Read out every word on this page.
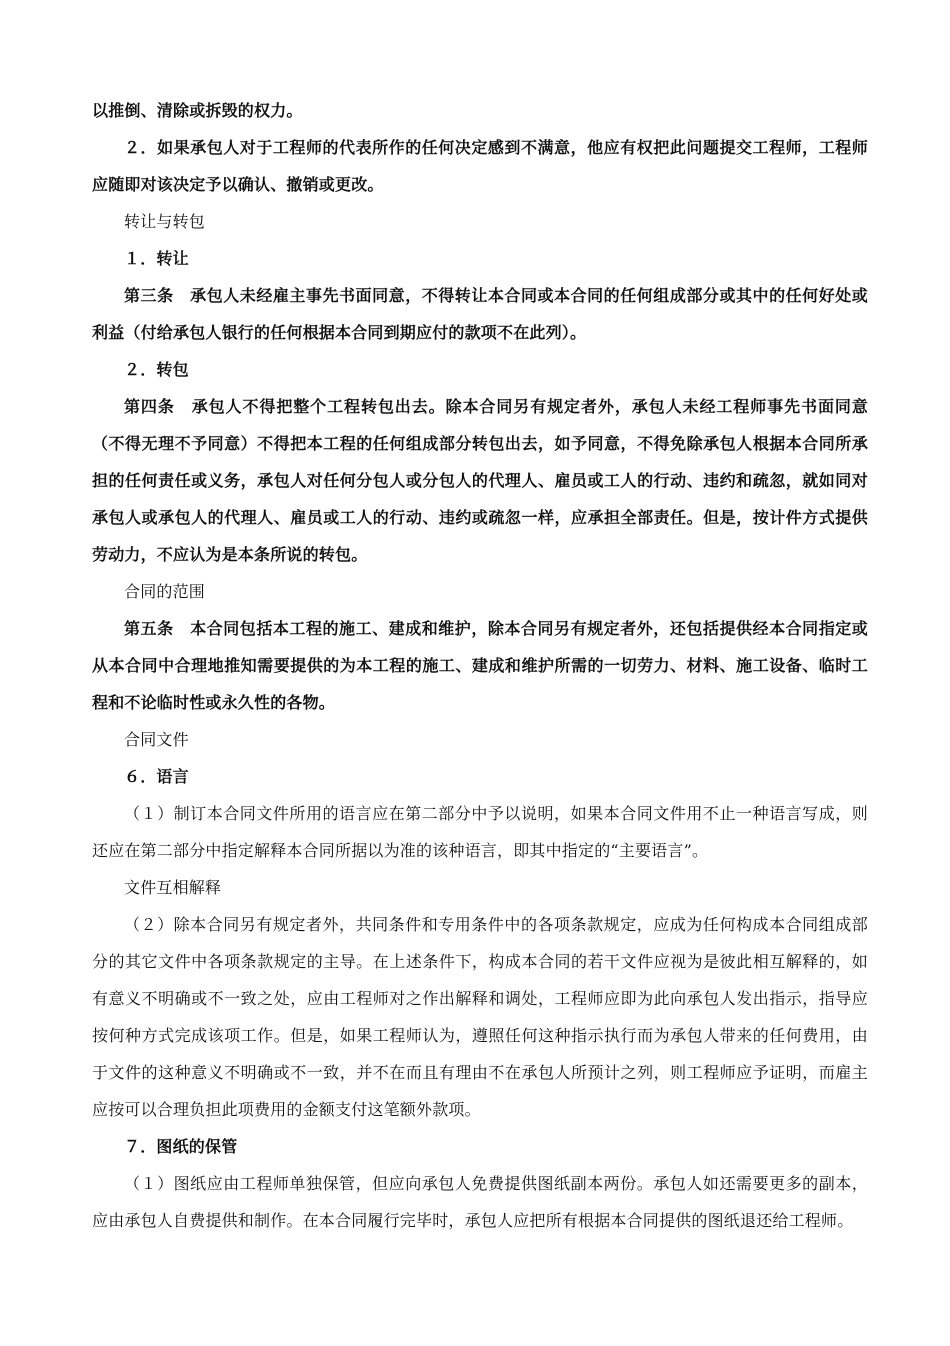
以推倒、清除或拆毁的权力。

２．如果承包人对于工程师的代表所作的任何决定感到不满意，他应有权把此问题提交工程师，工程师应随即对该决定予以确认、撤销或更改。

转让与转包

１．转让

第三条　承包人未经雇主事先书面同意，不得转让本合同或本合同的任何组成部分或其中的任何好处或利益（付给承包人银行的任何根据本合同到期应付的款项不在此列）。

２．转包

第四条　承包人不得把整个工程转包出去。除本合同另有规定者外，承包人未经工程师事先书面同意（不得无理不予同意）不得把本工程的任何组成部分转包出去，如予同意，不得免除承包人根据本合同所承担的任何责任或义务，承包人对任何分包人或分包人的代理人、雇员或工人的行动、违约和疏忽，就如同对承包人或承包人的代理人、雇员或工人的行动、违约或疏忽一样，应承担全部责任。但是，按计件方式提供劳动力，不应认为是本条所说的转包。

合同的范围

第五条　本合同包括本工程的施工、建成和维护，除本合同另有规定者外，还包括提供经本合同指定或从本合同中合理地推知需要提供的为本工程的施工、建成和维护所需的一切劳力、材料、施工设备、临时工程和不论临时性或永久性的各物。

合同文件

６．语言

（１）制订本合同文件所用的语言应在第二部分中予以说明，如果本合同文件用不止一种语言写成，则还应在第二部分中指定解释本合同所据以为准的该种语言，即其中指定的“主要语言”。

文件互相解释

（２）除本合同另有规定者外，共同条件和专用条件中的各项条款规定，应成为任何构成本合同组成部分的其它文件中各项条款规定的主导。在上述条件下，构成本合同的若干文件应视为是彼此相互解释的，如有意义不明确或不一致之处，应由工程师对之作出解释和调处，工程师应即为此向承包人发出指示，指导应按何种方式完成该项工作。但是，如果工程师认为，遵照任何这种指示执行而为承包人带来的任何费用，由于文件的这种意义不明确或不一致，并不在而且有理由不在承包人所预计之列，则工程师应予证明，而雇主应按可以合理负担此项费用的金额支付这笔额外款项。

７．图纸的保管

（１）图纸应由工程师单独保管，但应向承包人免费提供图纸副本两份。承包人如还需要更多的副本，应由承包人自费提供和制作。在本合同履行完毕时，承包人应把所有根据本合同提供的图纸退还给工程师。
